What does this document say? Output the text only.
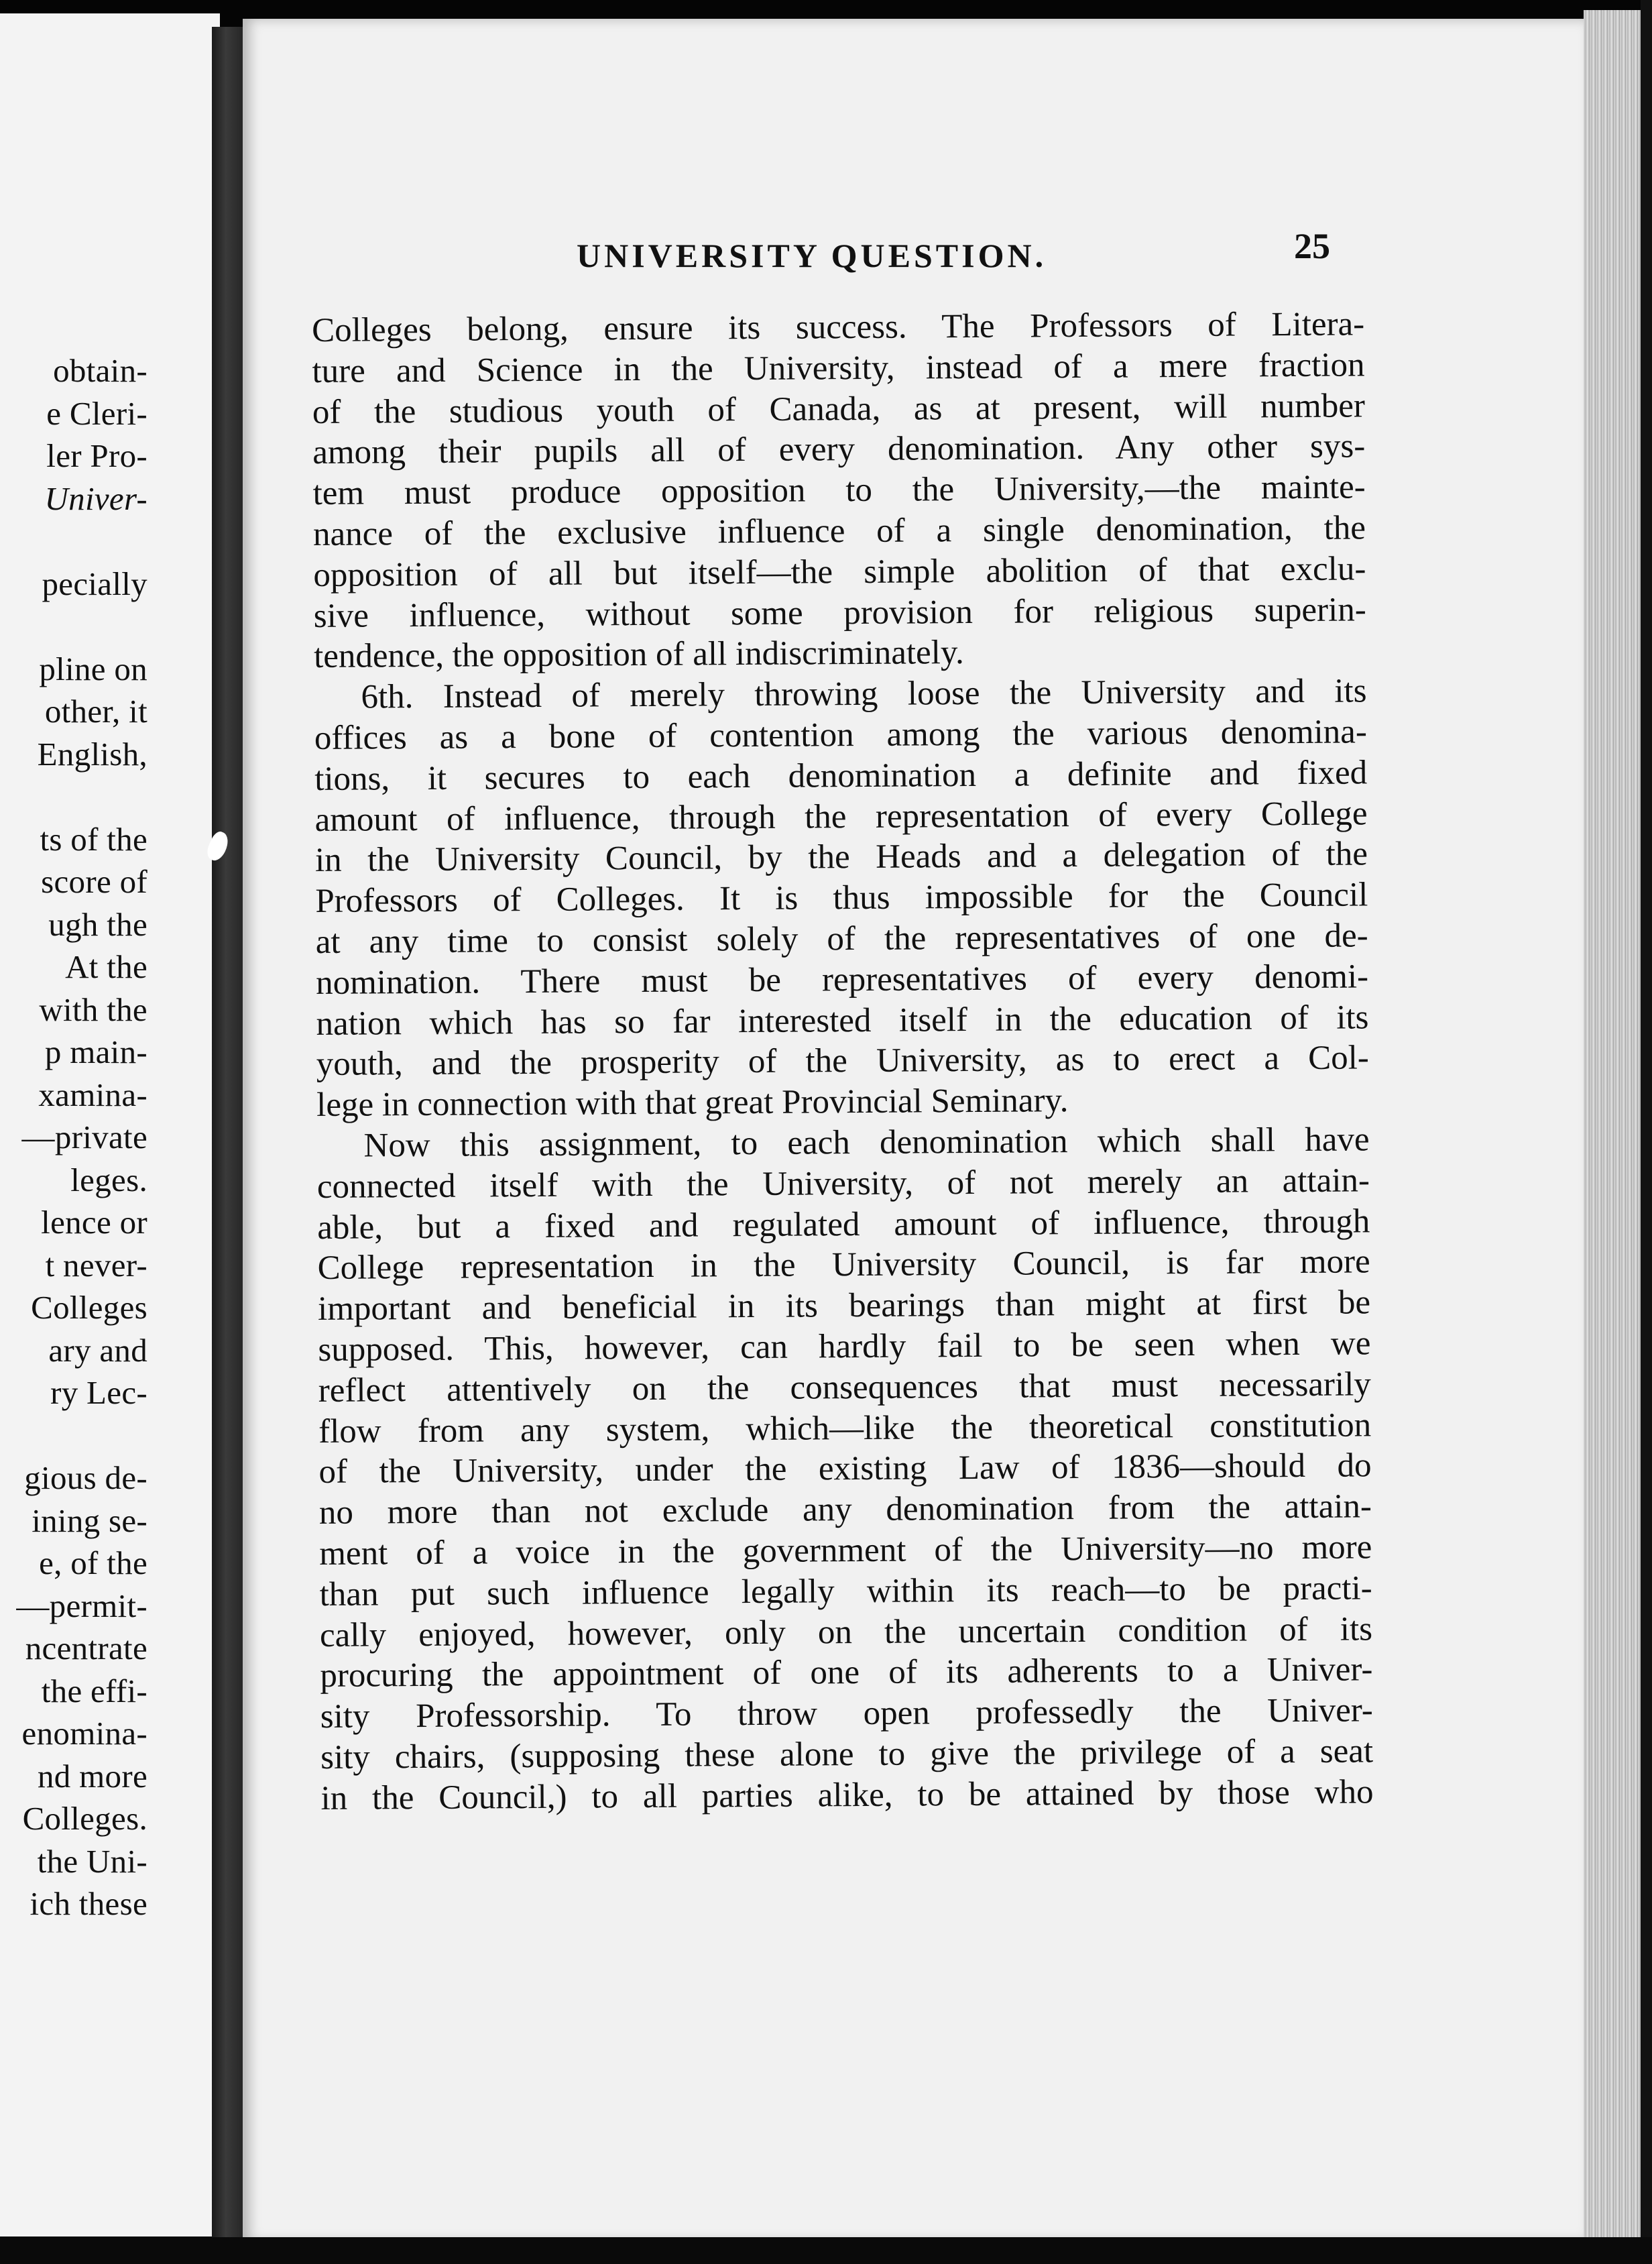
obtain-
e Cleri-
ler Pro-
Univer-
pecially
pline on
other, it
English,
ts of the
score of
ugh the
At the
with the
p main-
xamina-
—private
leges.
lence or
t never-
Colleges
ary and
ry Lec-
gious de-
ining se-
e, of the
—permit-
ncentrate
the effi-
enomina-
nd more
Colleges.
the Uni-
ich these
UNIVERSITY QUESTION.	25
Colleges belong, ensure its success. The Professors of Litera-
ture and Science in the University, instead of a mere fraction
of the studious youth of Canada, as at present, will number
among their pupils all of every denomination. Any other sys-
tem must produce opposition to the University,—the mainte-
nance of the exclusive influence of a single denomination, the
opposition of all but itself—the simple abolition of that exclu-
sive influence, without some provision for religious superin-
tendence, the opposition of all indiscriminately.
6th. Instead of merely throwing loose the University and its
offices as a bone of contention among the various denomina-
tions, it secures to each denomination a definite and fixed
amount of influence, through the representation of every College
in the University Council, by the Heads and a delegation of the
Professors of Colleges. It is thus impossible for the Council
at any time to consist solely of the representatives of one de-
nomination. There must be representatives of every denomi-
nation which has so far interested itself in the education of its
youth, and the prosperity of the University, as to erect a Col-
lege in connection with that great Provincial Seminary.
Now this assignment, to each denomination which shall have
connected itself with the University, of not merely an attain-
able, but a fixed and regulated amount of influence, through
College representation in the University Council, is far more
important and beneficial in its bearings than might at first be
supposed. This, however, can hardly fail to be seen when we
reflect attentively on the consequences that must necessarily
flow from any system, which—like the theoretical constitution
of the University, under the existing Law of 1836—should do
no more than not exclude any denomination from the attain-
ment of a voice in the government of the University—no more
than put such influence legally within its reach—to be practi-
cally enjoyed, however, only on the uncertain condition of its
procuring the appointment of one of its adherents to a Univer-
sity Professorship. To throw open professedly the Univer-
sity chairs, (supposing these alone to give the privilege of a seat
in the Council,) to all parties alike, to be attained by those who
